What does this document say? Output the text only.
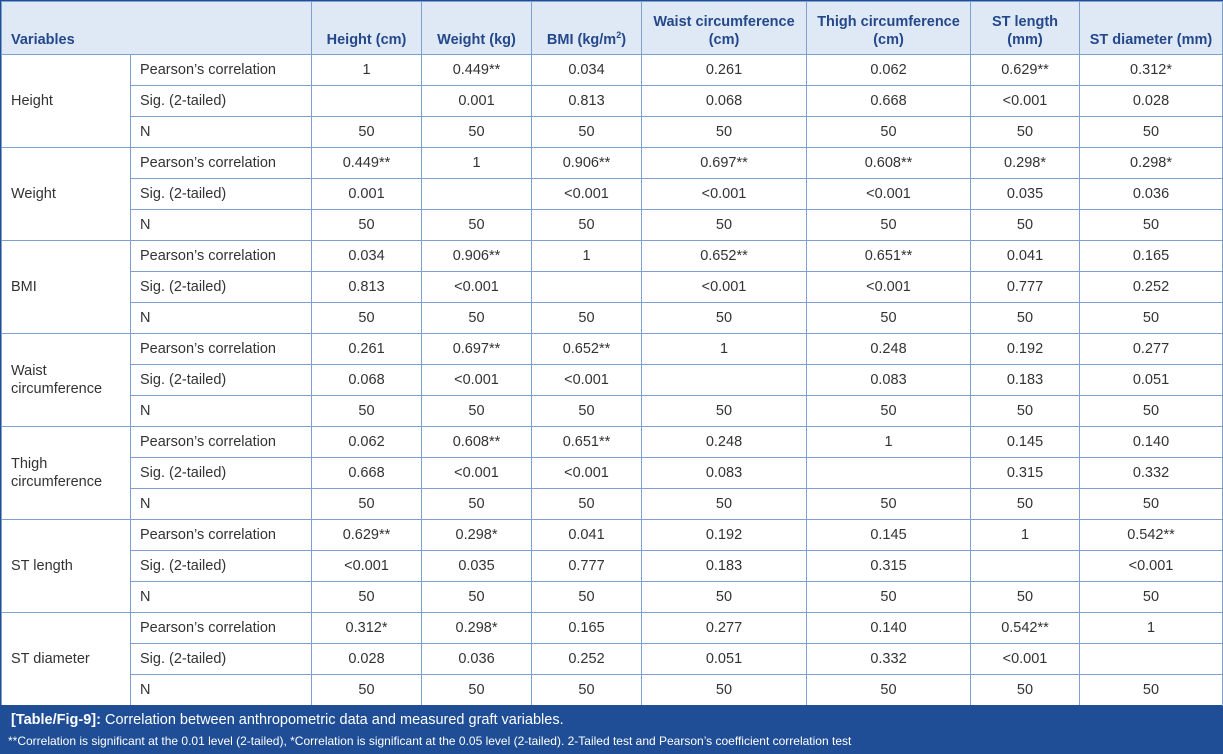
Variables		Height (cm)	Weight (kg)	BMI $(kg/m^2)$	Waist circumference (cm)	Thigh circumference (cm)	ST length (mm)	ST diameter (mm)
Height	Pearson’s correlation	1	0.449**	0.034	0.261	0.062	0.629**	0.312*
	Sig. (2-tailed)		0.001	0.813	0.068	0.668	<0.001	0.028
	N	50	50	50	50	50	50	50
Weight	Pearson’s correlation	0.449**	1	0.906**	0.697**	0.608**	0.298*	0.298*
	Sig. (2-tailed)	0.001		<0.001	<0.001	<0.001	0.035	0.036
	N	50	50	50	50	50	50	50
BMI	Pearson’s correlation	0.034	0.906**	1	0.652**	0.651**	0.041	0.165
	Sig. (2-tailed)	0.813	<0.001		<0.001	<0.001	0.777	0.252
	N	50	50	50	50	50	50	50
Waist circumference	Pearson’s correlation	0.261	0.697**	0.652**	1	0.248	0.192	0.277
	Sig. (2-tailed)	0.068	<0.001	<0.001		0.083	0.183	0.051
	N	50	50	50	50	50	50	50
Thigh circumference	Pearson’s correlation	0.062	0.608**	0.651**	0.248	1	0.145	0.140
	Sig. (2-tailed)	0.668	<0.001	<0.001	0.083		0.315	0.332
	N	50	50	50	50	50	50	50
ST length	Pearson’s correlation	0.629**	0.298*	0.041	0.192	0.145	1	0.542**
	Sig. (2-tailed)	<0.001	0.035	0.777	0.183	0.315		<0.001
	N	50	50	50	50	50	50	50
ST diameter	Pearson’s correlation	0.312*	0.298*	0.165	0.277	0.140	0.542**	1
	Sig. (2-tailed)	0.028	0.036	0.252	0.051	0.332	<0.001	
	N	50	50	50	50	50	50	50
[Table/Fig-9]: Correlation between anthropometric data and measured graft variables.
**Correlation is significant at the 0.01 level (2-tailed), *Correlation is significant at the 0.05 level (2-tailed). 2-Tailed test and Pearson’s coefficient correlation test
